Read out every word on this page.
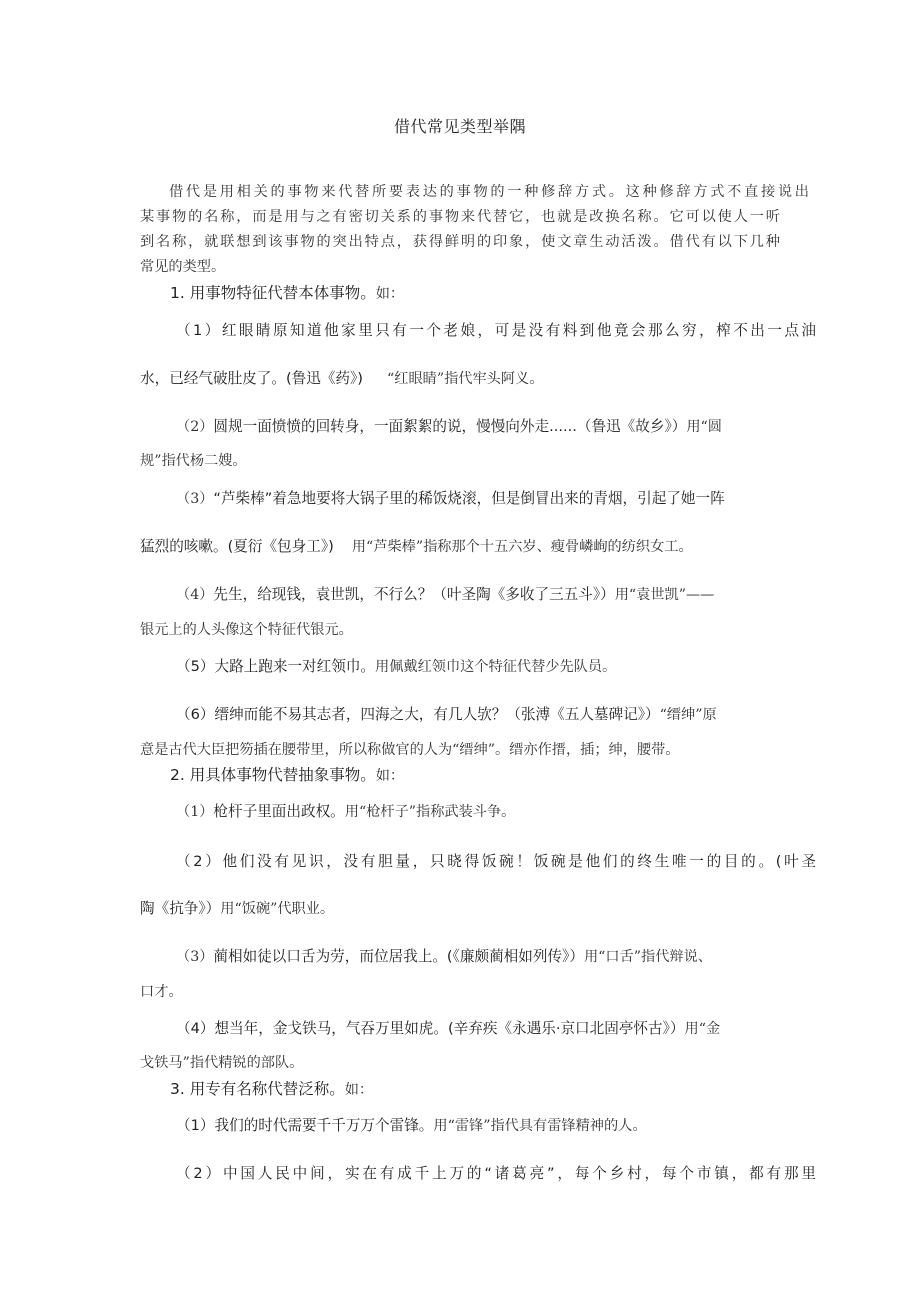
借代常见类型举隅
借代是用相关的事物来代替所要表达的事物的一种修辞方式。这种修辞方式不直接说出
某事物的名称，而是用与之有密切关系的事物来代替它，也就是改换名称。它可以使人一听
到名称，就联想到该事物的突出特点，获得鲜明的印象，使文章生动活泼。借代有以下几种
常见的类型。
1. 用事物特征代替本体事物。如：
（1）红眼睛原知道他家里只有一个老娘，可是没有料到他竟会那么穷，榨不出一点油
水，已经气破肚皮了。(鲁迅《药》) “红眼睛”指代牢头阿义。
（2）圆规一面愤愤的回转身，一面絮絮的说，慢慢向外走......（鲁迅《故乡》）用“圆
规”指代杨二嫂。
（3）“芦柴棒”着急地要将大锅子里的稀饭烧滚，但是倒冒出来的青烟，引起了她一阵
猛烈的咳嗽。(夏衍《包身工》) 用“芦柴棒”指称那个十五六岁、瘦骨嶙峋的纺织女工。
（4）先生，给现钱，袁世凯，不行么？（叶圣陶《多收了三五斗》）用“袁世凯”——
银元上的人头像这个特征代银元。
（5）大路上跑来一对红领巾。用佩戴红领巾这个特征代替少先队员。
（6）缙绅而能不易其志者，四海之大，有几人欤？（张溥《五人墓碑记》）“缙绅”原
意是古代大臣把笏插在腰带里，所以称做官的人为“缙绅”。缙亦作搢，插；绅，腰带。
2. 用具体事物代替抽象事物。如：
（1）枪杆子里面出政权。用“枪杆子”指称武装斗争。
（2）他们没有见识，没有胆量，只晓得饭碗！饭碗是他们的终生唯一的目的。(叶圣
陶《抗争》）用“饭碗”代职业。
（3）蔺相如徒以口舌为劳，而位居我上。(《廉颇蔺相如列传》）用“口舌”指代辩说、
口才。
（4）想当年，金戈铁马，气吞万里如虎。(辛弃疾《永遇乐·京口北固亭怀古》）用“金
戈铁马”指代精锐的部队。
3. 用专有名称代替泛称。如：
（1）我们的时代需要千千万万个雷锋。用“雷锋”指代具有雷锋精神的人。
（2）中国人民中间，实在有成千上万的“诸葛亮”，每个乡村，每个市镇，都有那里
